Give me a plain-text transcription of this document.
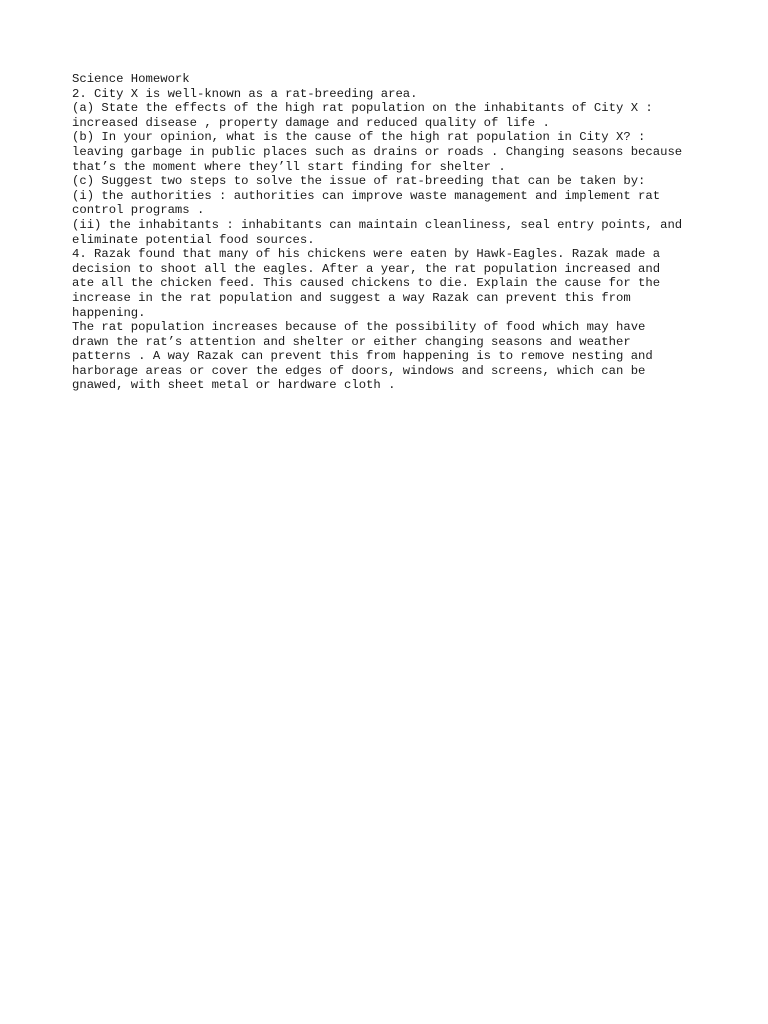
Science Homework
2. City X is well-known as a rat-breeding area.
(a) State the effects of the high rat population on the inhabitants of City X :
increased disease , property damage and reduced quality of life .
(b) In your opinion, what is the cause of the high rat population in City X? :
leaving garbage in public places such as drains or roads . Changing seasons because
that’s the moment where they’ll start finding for shelter .
(c) Suggest two steps to solve the issue of rat-breeding that can be taken by:
(i) the authorities : authorities can improve waste management and implement rat
control programs .
(ii) the inhabitants : inhabitants can maintain cleanliness, seal entry points, and
eliminate potential food sources.
4. Razak found that many of his chickens were eaten by Hawk-Eagles. Razak made a
decision to shoot all the eagles. After a year, the rat population increased and
ate all the chicken feed. This caused chickens to die. Explain the cause for the
increase in the rat population and suggest a way Razak can prevent this from
happening.
The rat population increases because of the possibility of food which may have
drawn the rat’s attention and shelter or either changing seasons and weather
patterns . A way Razak can prevent this from happening is to remove nesting and
harborage areas or cover the edges of doors, windows and screens, which can be
gnawed, with sheet metal or hardware cloth .
